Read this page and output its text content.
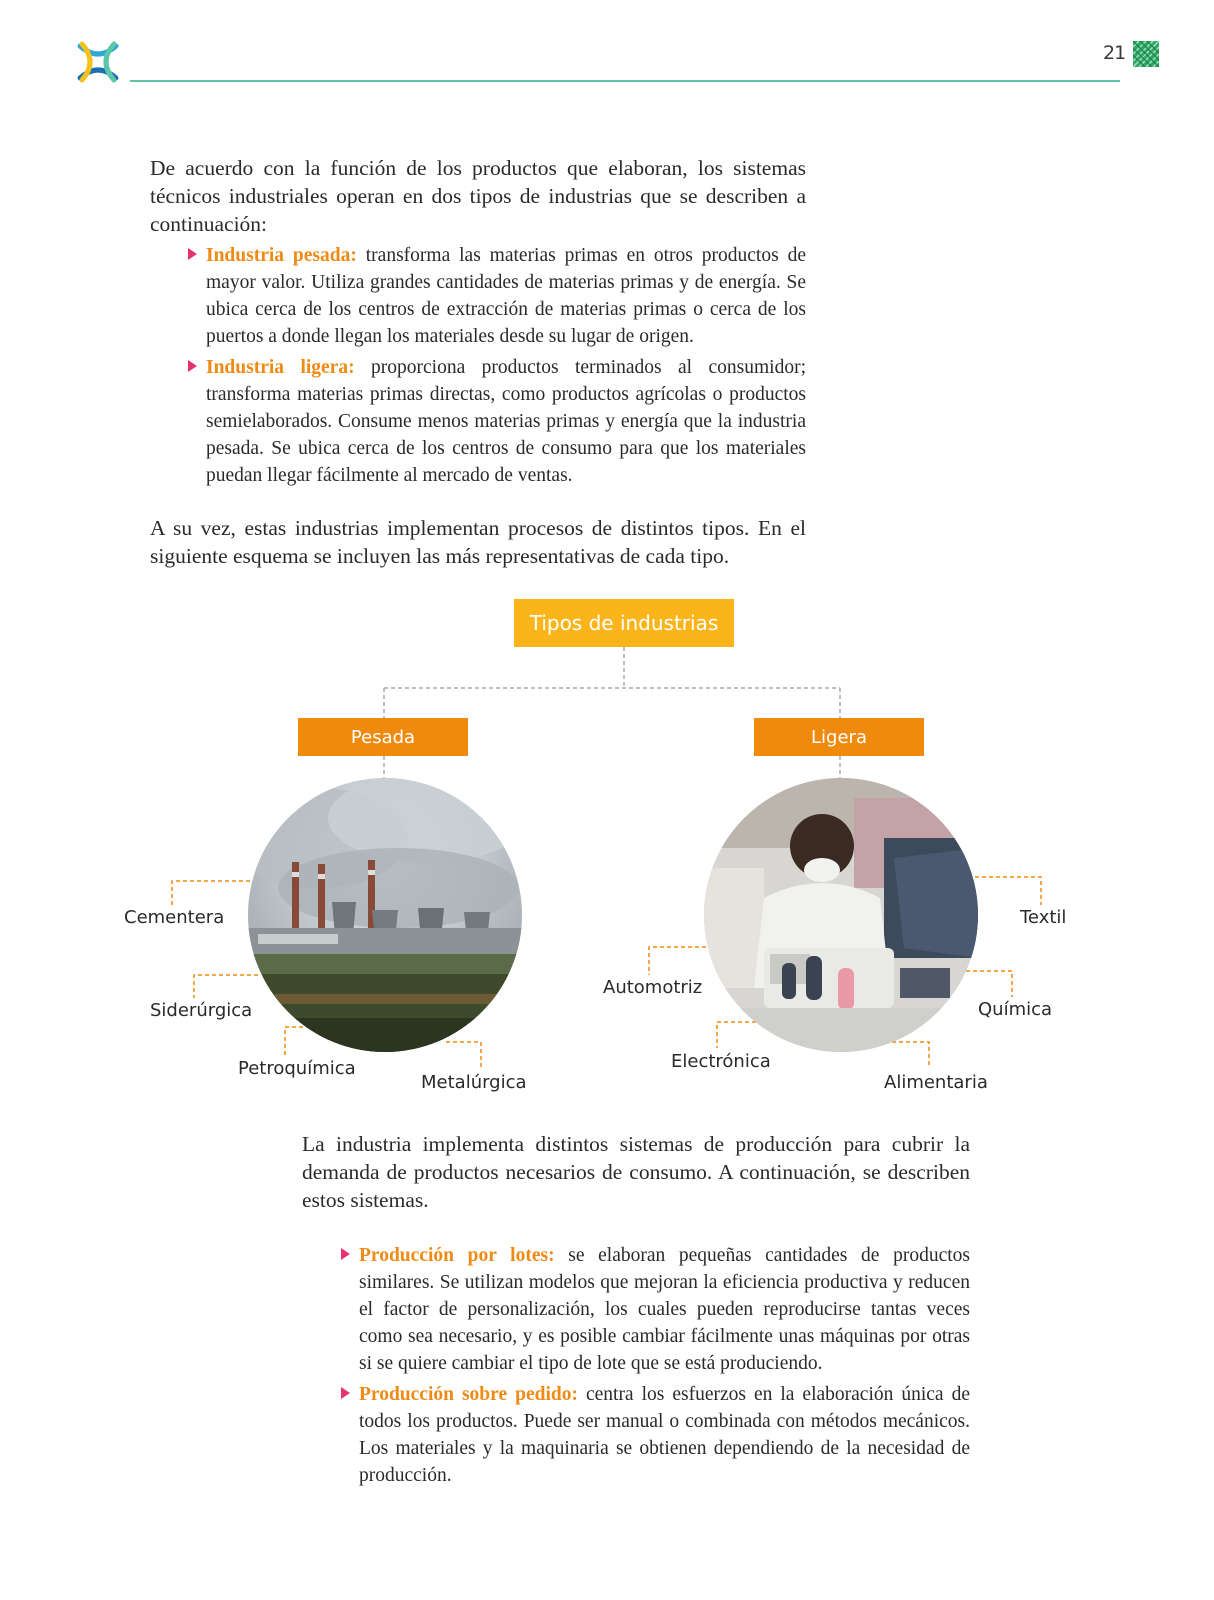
21
De acuerdo con la función de los productos que elaboran, los sistemas técnicos industriales operan en dos tipos de industrias que se describen a continuación:
Industria pesada: transforma las materias primas en otros productos de mayor valor. Utiliza grandes cantidades de materias primas y de energía. Se ubica cerca de los centros de extracción de materias primas o cerca de los puertos a donde llegan los materiales desde su lugar de origen.
Industria ligera: proporciona productos terminados al consumidor; transforma materias primas directas, como productos agrícolas o productos semielaborados. Consume menos materias primas y energía que la industria pesada. Se ubica cerca de los centros de consumo para que los materiales puedan llegar fácilmente al mercado de ventas.
A su vez, estas industrias implementan procesos de distintos tipos. En el siguiente esquema se incluyen las más representativas de cada tipo.
Tipos de industrias
Pesada	Ligera
Cementera
Siderúrgica
Petroquímica
Metalúrgica
Automotriz
Electrónica
Textil
Química
Alimentaria
La industria implementa distintos sistemas de producción para cubrir la demanda de productos necesarios de consumo. A continuación, se describen estos sistemas.
Producción por lotes: se elaboran pequeñas cantidades de productos similares. Se utilizan modelos que mejoran la eficiencia productiva y reducen el factor de personalización, los cuales pueden reproducirse tantas veces como sea necesario, y es posible cambiar fácilmente unas máquinas por otras si se quiere cambiar el tipo de lote que se está produciendo.
Producción sobre pedido: centra los esfuerzos en la elaboración única de todos los productos. Puede ser manual o combinada con métodos mecánicos. Los materiales y la maquinaria se obtienen dependiendo de la necesidad de producción.
